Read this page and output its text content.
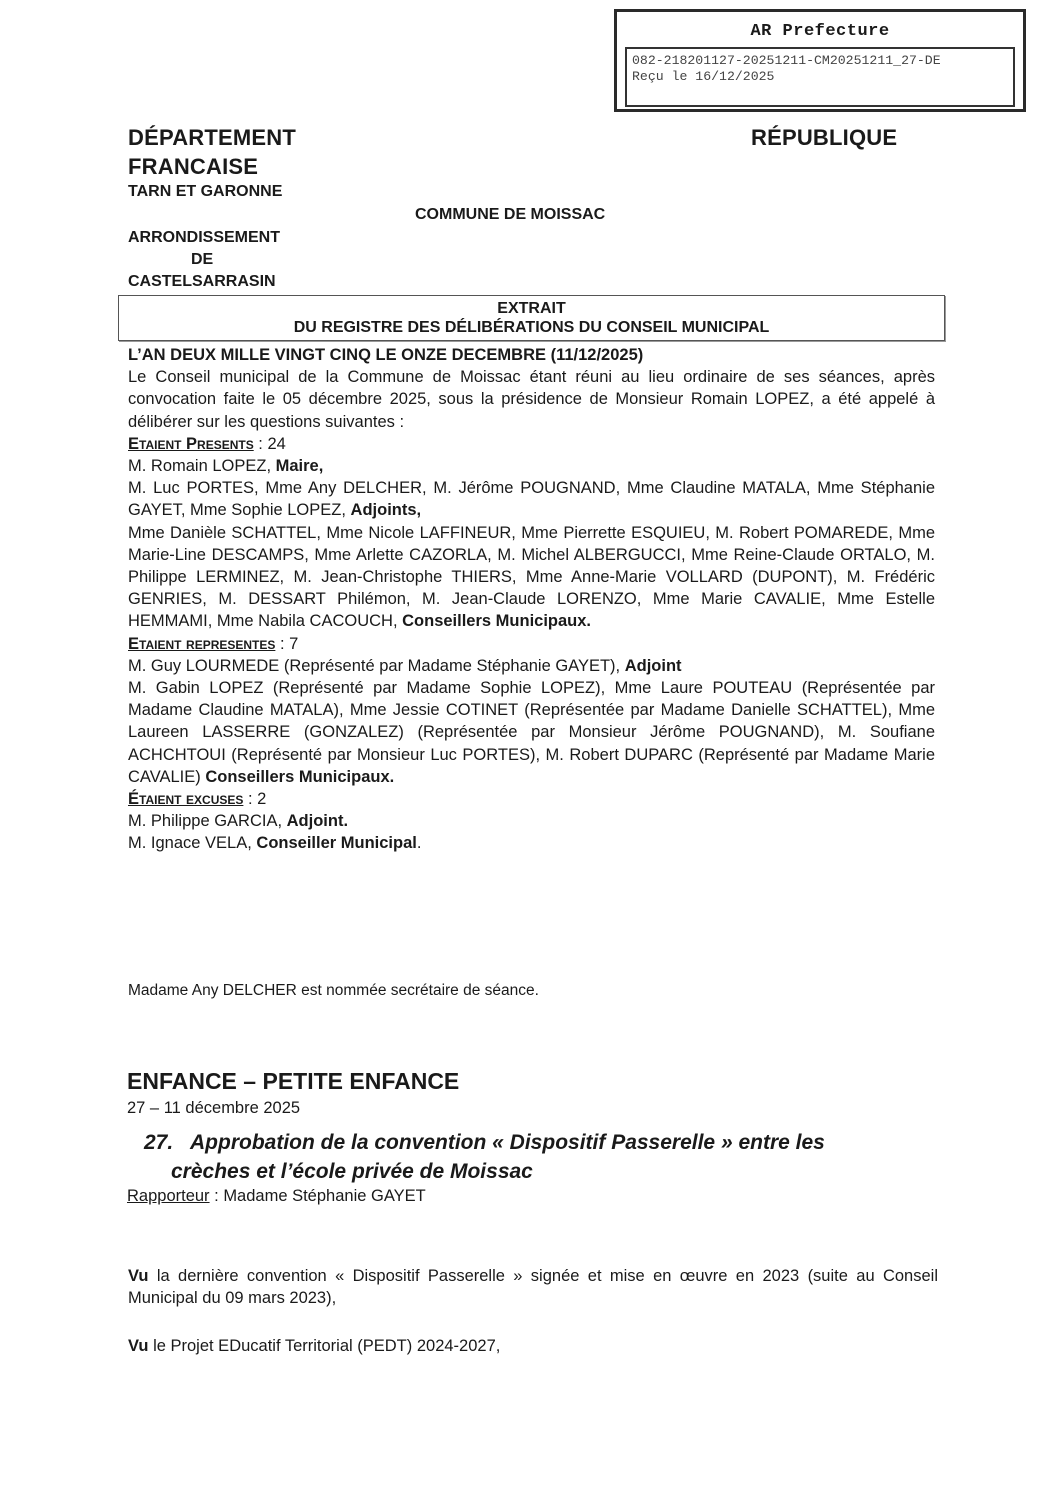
AR Prefecture
082-218201127-20251211-CM20251211_27-DE
Reçu le 16/12/2025
DÉPARTEMENT	RÉPUBLIQUE
FRANCAISE
TARN ET GARONNE
COMMUNE DE MOISSAC
ARRONDISSEMENT
DE
CASTELSARRASIN
EXTRAIT
DU REGISTRE DES DÉLIBÉRATIONS DU CONSEIL MUNICIPAL

L’AN DEUX MILLE VINGT CINQ LE ONZE DECEMBRE (11/12/2025)

Le Conseil municipal de la Commune de Moissac étant réuni au lieu ordinaire de ses séances, après convocation faite le 05 décembre 2025, sous la présidence de Monsieur Romain LOPEZ, a été appelé à délibérer sur les questions suivantes :

Etaient Presents : 24

M. Romain LOPEZ, Maire,

M. Luc PORTES, Mme Any DELCHER, M. Jérôme POUGNAND, Mme Claudine MATALA, Mme Stéphanie GAYET, Mme Sophie LOPEZ, Adjoints,

Mme Danièle SCHATTEL, Mme Nicole LAFFINEUR, Mme Pierrette ESQUIEU, M. Robert POMAREDE, Mme Marie-Line DESCAMPS, Mme Arlette CAZORLA, M. Michel ALBERGUCCI, Mme Reine-Claude ORTALO, M. Philippe LERMINEZ, M. Jean-Christophe THIERS, Mme Anne-Marie VOLLARD (DUPONT), M. Frédéric GENRIES, M. DESSART Philémon, M. Jean-Claude LORENZO, Mme Marie CAVALIE, Mme Estelle HEMMAMI, Mme Nabila CACOUCH, Conseillers Municipaux.

Etaient representes : 7

M. Guy LOURMEDE (Représenté par Madame Stéphanie GAYET), Adjoint

M. Gabin LOPEZ (Représenté par Madame Sophie LOPEZ), Mme Laure POUTEAU (Représentée par Madame Claudine MATALA), Mme Jessie COTINET (Représentée par Madame Danielle SCHATTEL), Mme Laureen LASSERRE (GONZALEZ) (Représentée par Monsieur Jérôme POUGNAND), M. Soufiane ACHCHTOUI (Représenté par Monsieur Luc PORTES), M. Robert DUPARC (Représenté par Madame Marie CAVALIE) Conseillers Municipaux.

Étaient excuses : 2

M. Philippe GARCIA, Adjoint.

M. Ignace VELA, Conseiller Municipal.

Madame Any DELCHER est nommée secrétaire de séance.
ENFANCE – PETITE ENFANCE
27 – 11 décembre 2025
27. Approbation de la convention « Dispositif Passerelle » entre les
crèches et l’école privée de Moissac
Rapporteur : Madame Stéphanie GAYET
Vu la dernière convention « Dispositif Passerelle » signée et mise en œuvre en 2023 (suite au Conseil Municipal du 09 mars 2023),
Vu le Projet EDucatif Territorial (PEDT) 2024-2027,
